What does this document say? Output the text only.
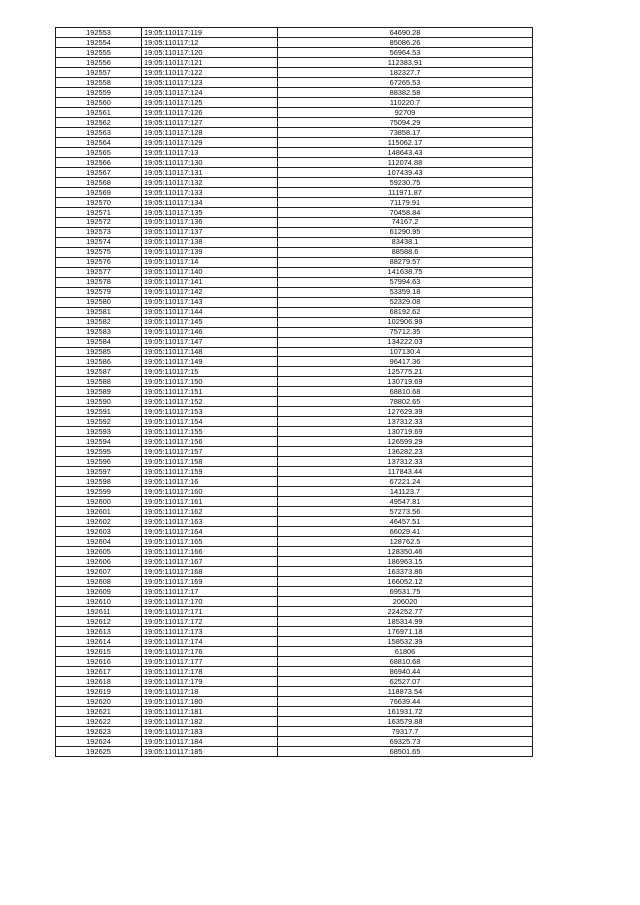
192553	19:05:110117:119	64690.28
192554	19:05:110117:12	85086.26
192555	19:05:110117:120	56964.53
192556	19:05:110117:121	112383.91
192557	19:05:110117:122	182327.7
192558	19:05:110117:123	67265.53
192559	19:05:110117:124	88382.58
192560	19:05:110117:125	110220.7
192561	19:05:110117:126	92709
192562	19:05:110117:127	75094.29
192563	19:05:110117:128	73858.17
192564	19:05:110117:129	115062.17
192565	19:05:110117:13	148643.43
192566	19:05:110117:130	112074.88
192567	19:05:110117:131	107439.43
192568	19:05:110117:132	59230.75
192569	19:05:110117:133	111971.87
192570	19:05:110117:134	71179.91
192571	19:05:110117:135	70458.84
192572	19:05:110117:136	74167.2
192573	19:05:110117:137	61290.95
192574	19:05:110117:138	83438.1
192575	19:05:110117:139	88588.6
192576	19:05:110117:14	88279.57
192577	19:05:110117:140	141638.75
192578	19:05:110117:141	57994.63
192579	19:05:110117:142	53359.18
192580	19:05:110117:143	52329.08
192581	19:05:110117:144	68192.62
192582	19:05:110117:145	102906.99
192583	19:05:110117:146	75712.35
192584	19:05:110117:147	134222.03
192585	19:05:110117:148	107130.4
192586	19:05:110117:149	96417.36
192587	19:05:110117:15	125775.21
192588	19:05:110117:150	130719.69
192589	19:05:110117:151	68810.68
192590	19:05:110117:152	78802.65
192591	19:05:110117:153	127629.39
192592	19:05:110117:154	137312.33
192593	19:05:110117:155	130719.69
192594	19:05:110117:156	126599.29
192595	19:05:110117:157	136282.23
192596	19:05:110117:158	137312.33
192597	19:05:110117:159	117843.44
192598	19:05:110117:16	67221.24
192599	19:05:110117:160	141123.7
192600	19:05:110117:161	49547.81
192601	19:05:110117:162	57273.56
192602	19:05:110117:163	46457.51
192603	19:05:110117:164	66029.41
192604	19:05:110117:165	128762.5
192605	19:05:110117:166	128350.46
192606	19:05:110117:167	186963.15
192607	19:05:110117:168	163373.86
192608	19:05:110117:169	166052.12
192609	19:05:110117:17	69531.75
192610	19:05:110117:170	206020
192611	19:05:110117:171	224252.77
192612	19:05:110117:172	185314.99
192613	19:05:110117:173	176971.18
192614	19:05:110117:174	158532.39
192615	19:05:110117:176	61806
192616	19:05:110117:177	68810.68
192617	19:05:110117:178	86940.44
192618	19:05:110117:179	62527.07
192619	19:05:110117:18	118873.54
192620	19:05:110117:180	76639.44
192621	19:05:110117:181	161931.72
192622	19:05:110117:182	163579.88
192623	19:05:110117:183	79317.7
192624	19:05:110117:184	69325.73
192625	19:05:110117:185	68501.65
